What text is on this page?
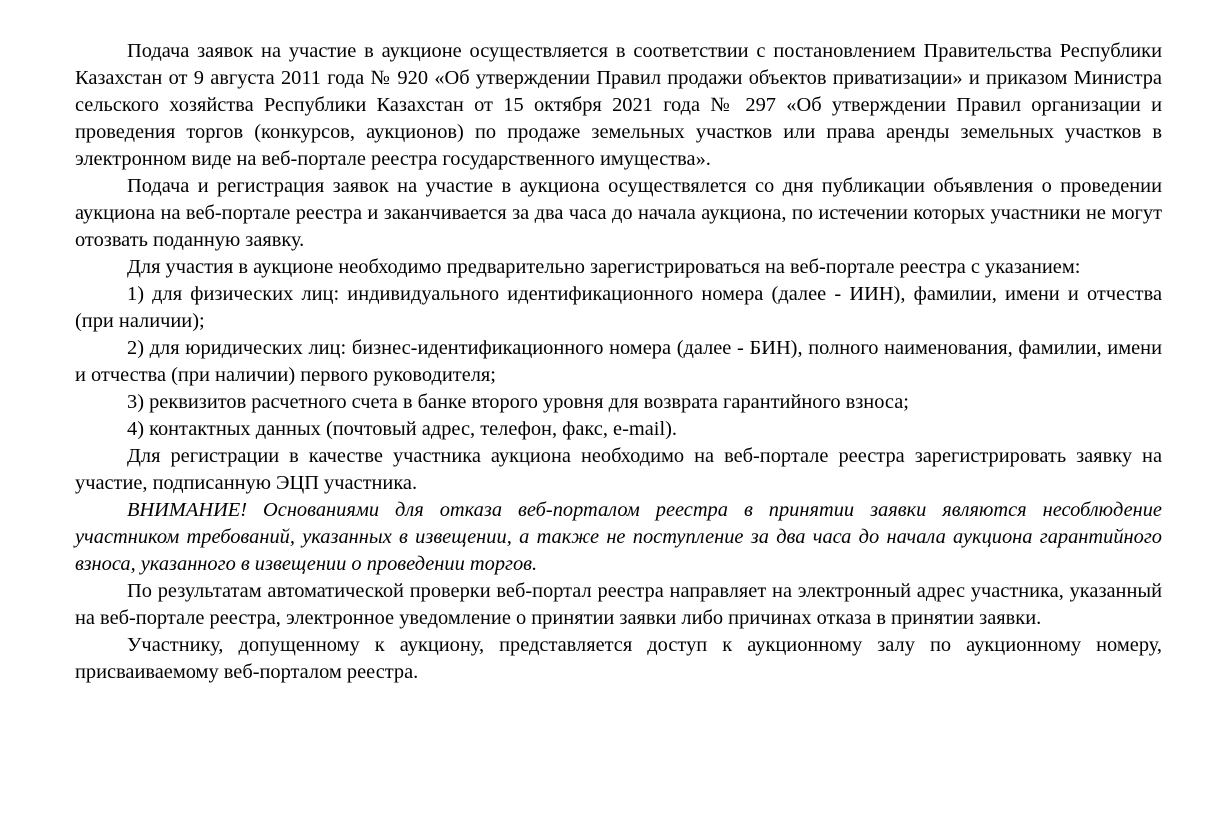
Подача заявок на участие в аукционе осуществляется в соответствии с постановлением Правительства Республики Казахстан от 9 августа 2011 года № 920 «Об утверждении Правил продажи объектов приватизации» и приказом Министра сельского хозяйства Республики Казахстан от 15 октября 2021 года № 297 «Об утверждении Правил организации и проведения торгов (конкурсов, аукционов) по продаже земельных участков или права аренды земельных участков в электронном виде на веб-портале реестра государственного имущества».

Подача и регистрация заявок на участие в аукциона осуществялется со дня публикации объявления о проведении аукциона на веб-портале реестра и заканчивается за два часа до начала аукциона, по истечении которых участники не могут отозвать поданную заявку.

Для участия в аукционе необходимо предварительно зарегистрироваться на веб-портале реестра с указанием:

1) для физических лиц: индивидуального идентификационного номера (далее - ИИН), фамилии, имени и отчества (при наличии);

2) для юридических лиц: бизнес-идентификационного номера (далее - БИН), полного наименования, фамилии, имени и отчества (при наличии) первого руководителя;

3) реквизитов расчетного счета в банке второго уровня для возврата гарантийного взноса;

4) контактных данных (почтовый адрес, телефон, факс, e-mail).

Для регистрации в качестве участника аукциона необходимо на веб-портале реестра зарегистрировать заявку на участие, подписанную ЭЦП участника.

ВНИМАНИЕ! Основаниями для отказа веб-порталом реестра в принятии заявки являются несоблюдение участником требований, указанных в извещении, а также не поступление за два часа до начала аукциона гарантийного взноса, указанного в извещении о проведении торгов.

По результатам автоматической проверки веб-портал реестра направляет на электронный адрес участника, указанный на веб-портале реестра, электронное уведомление о принятии заявки либо причинах отказа в принятии заявки.

Участнику, допущенному к аукциону, представляется доступ к аукционному залу по аукционному номеру, присваиваемому веб-порталом реестра.
